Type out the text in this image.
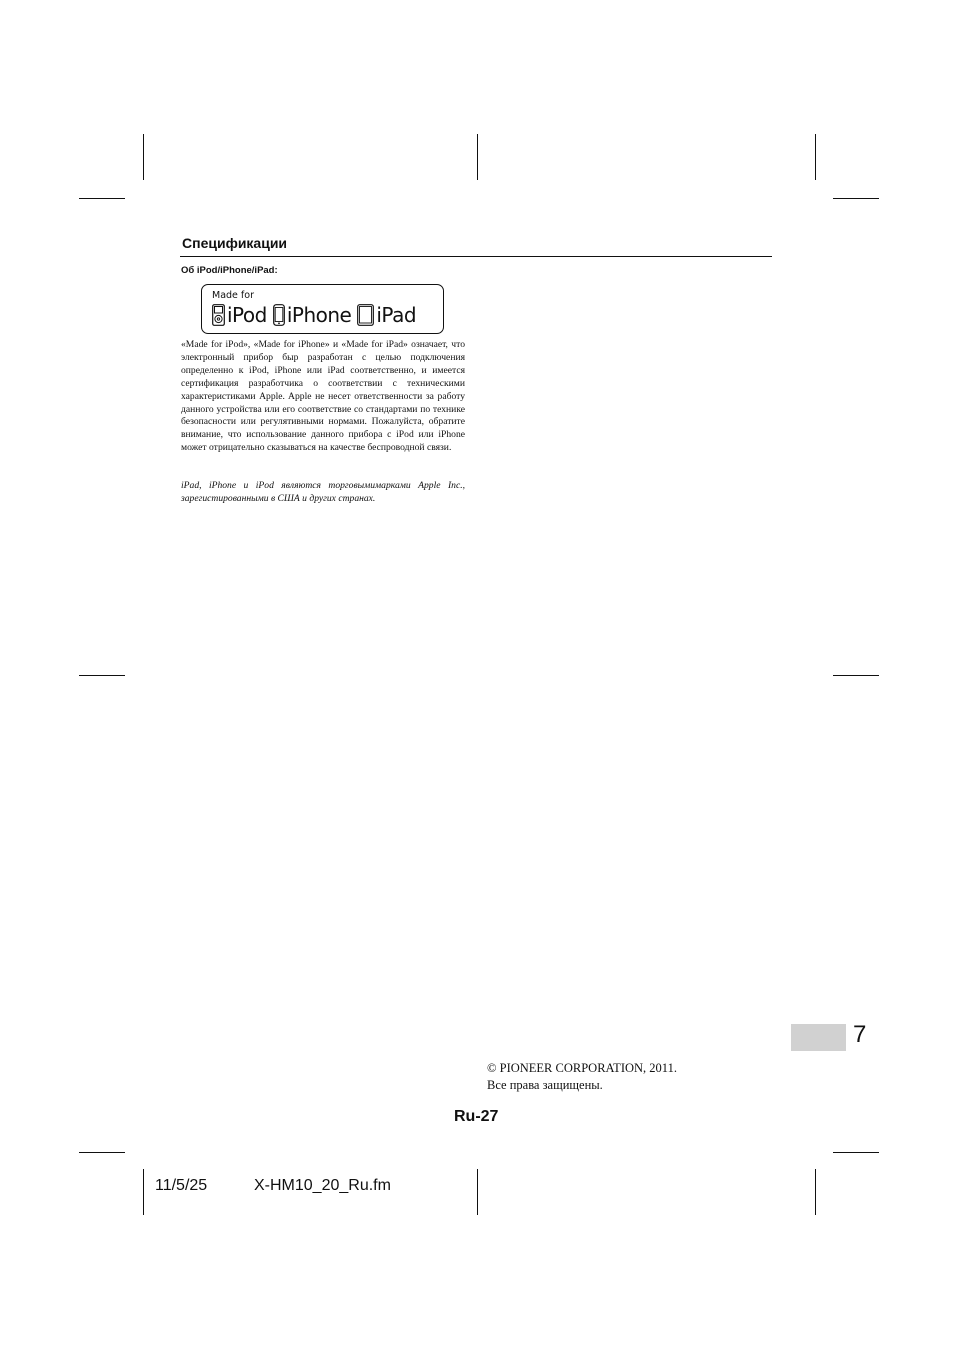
Спецификации
Об iPod/iPhone/iPad:
Made for
iPod iPhone iPad

«Made for iPod», «Made for iPhone» и «Made for iPad» означает, что электронный прибор быр разработан с целью подключения определенно к iPod, iPhone или iPad соответственно, и имеется сертификация разработчика о соответствии с техническими характеристиками Apple. Apple не несет ответственности за работу данного устройства или его соответствие со стандартами по технике безопасности или регулятивными нормами. Пожалуйста, обратите внимание, что использование данного прибора с iPod или iPhone может отрицательно сказываться на качестве беспроводной связи.

iPad, iPhone и iPod являются торговымимарками Apple Inc., зарегистированными в США и других странах.

7
© PIONEER CORPORATION, 2011.
Все права защищены.
Ru-27
11/5/25	X-HM10_20_Ru.fm
